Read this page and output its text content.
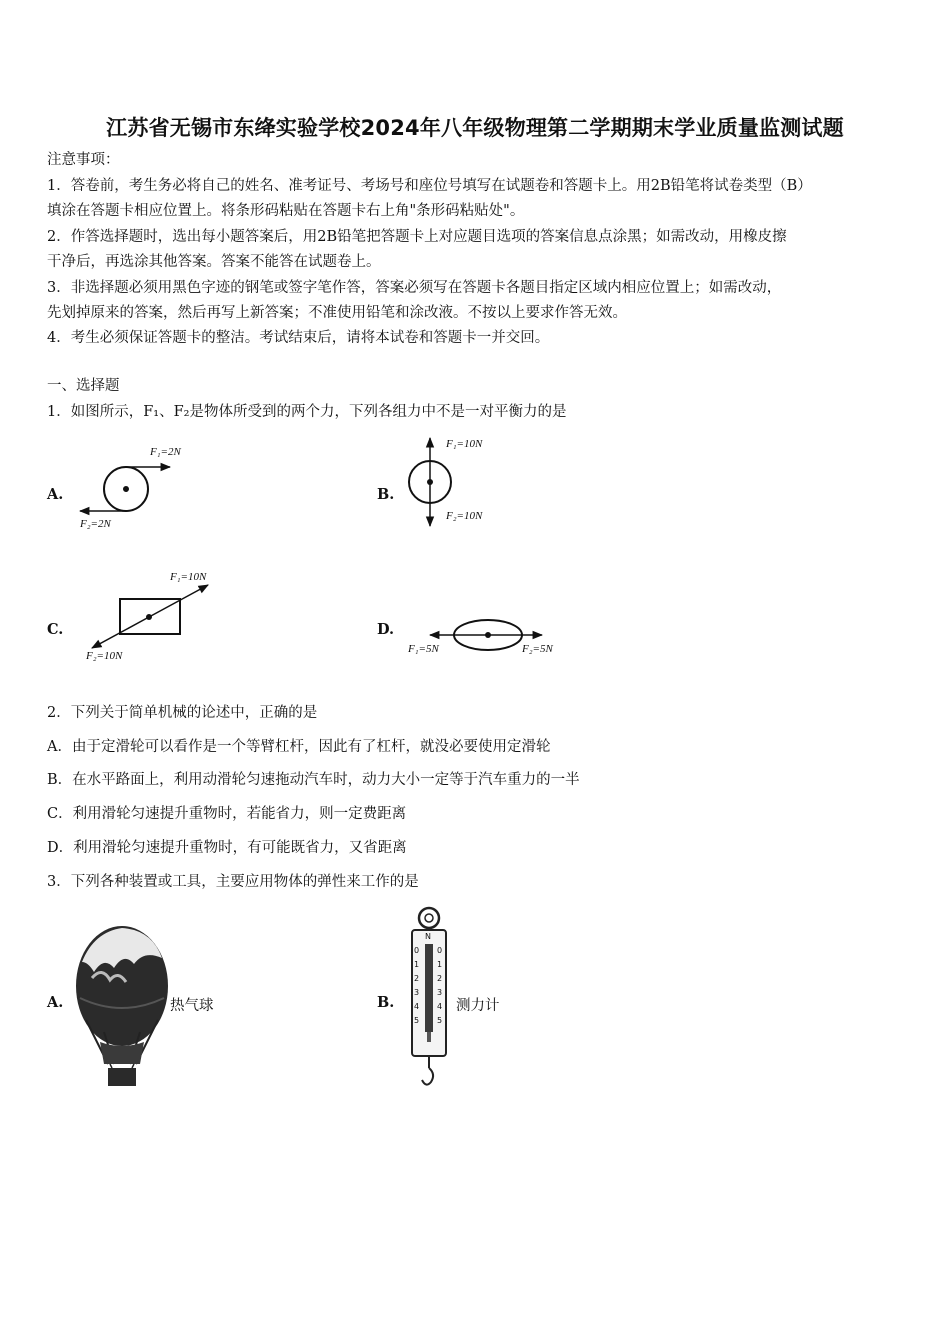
江苏省无锡市东绛实验学校2024年八年级物理第二学期期末学业质量监测试题
注意事项：
1．答卷前，考生务必将自己的姓名、准考证号、考场号和座位号填写在试题卷和答题卡上。用2B铅笔将试卷类型（B）
填涂在答题卡相应位置上。将条形码粘贴在答题卡右上角"条形码粘贴处"。
2．作答选择题时，选出每小题答案后，用2B铅笔把答题卡上对应题目选项的答案信息点涂黑；如需改动，用橡皮擦
干净后，再选涂其他答案。答案不能答在试题卷上。
3．非选择题必须用黑色字迹的钢笔或签字笔作答，答案必须写在答题卡各题目指定区域内相应位置上；如需改动，
先划掉原来的答案，然后再写上新答案；不准使用铅笔和涂改液。不按以上要求作答无效。
4．考生必须保证答题卡的整洁。考试结束后，请将本试卷和答题卡一并交回。
一、选择题
1．如图所示，F₁、F₂是物体所受到的两个力，下列各组力中不是一对平衡力的是
A.
F₁=2N
F₂=2N
B.
F₁=10N
F₂=10N
C.
F₁=10N
F₂=10N
D.
F₁=5N	F₂=5N
2．下列关于简单机械的论述中，正确的是
A．由于定滑轮可以看作是一个等臂杠杆，因此有了杠杆，就没必要使用定滑轮
B．在水平路面上，利用动滑轮匀速拖动汽车时，动力大小一定等于汽车重力的一半
C．利用滑轮匀速提升重物时，若能省力，则一定费距离
D．利用滑轮匀速提升重物时，有可能既省力，又省距离
3．下列各种装置或工具，主要应用物体的弹性来工作的是
A.	热气球	B.
N
0
1
2
3
4
5
0
1
2
3
4
5
测力计
